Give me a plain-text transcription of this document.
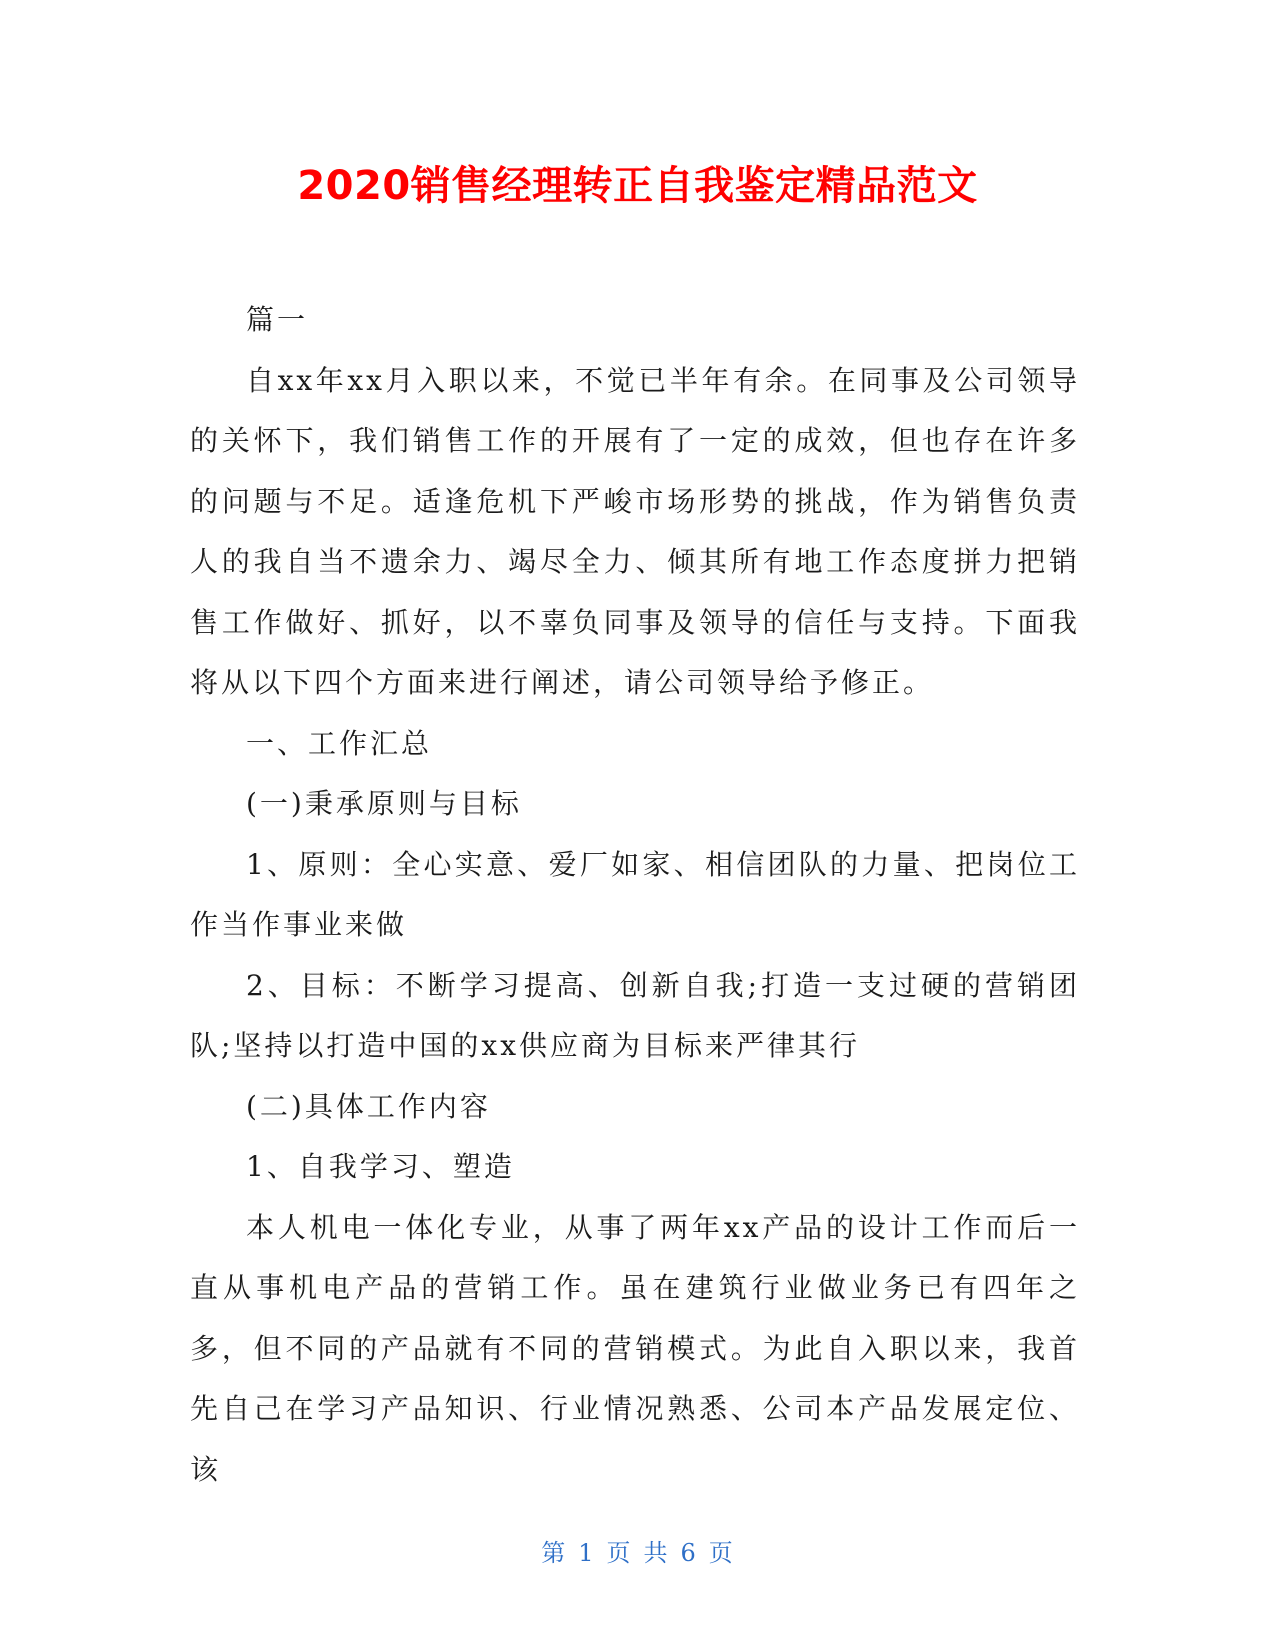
2020销售经理转正自我鉴定精品范文

篇一

自xx年xx月入职以来，不觉已半年有余。在同事及公司领导的关怀下，我们销售工作的开展有了一定的成效，但也存在许多的问题与不足。适逢危机下严峻市场形势的挑战，作为销售负责人的我自当不遗余力、竭尽全力、倾其所有地工作态度拼力把销售工作做好、抓好，以不辜负同事及领导的信任与支持。下面我将从以下四个方面来进行阐述，请公司领导给予修正。

一、工作汇总

(一)秉承原则与目标

1、原则：全心实意、爱厂如家、相信团队的力量、把岗位工作当作事业来做

2、目标：不断学习提高、创新自我;打造一支过硬的营销团队;坚持以打造中国的xx供应商为目标来严律其行

(二)具体工作内容

1、自我学习、塑造

本人机电一体化专业，从事了两年xx产品的设计工作而后一直从事机电产品的营销工作。虽在建筑行业做业务已有四年之多，但不同的产品就有不同的营销模式。为此自入职以来，我首先自己在学习产品知识、行业情况熟悉、公司本产品发展定位、该

第 1 页 共 6 页
